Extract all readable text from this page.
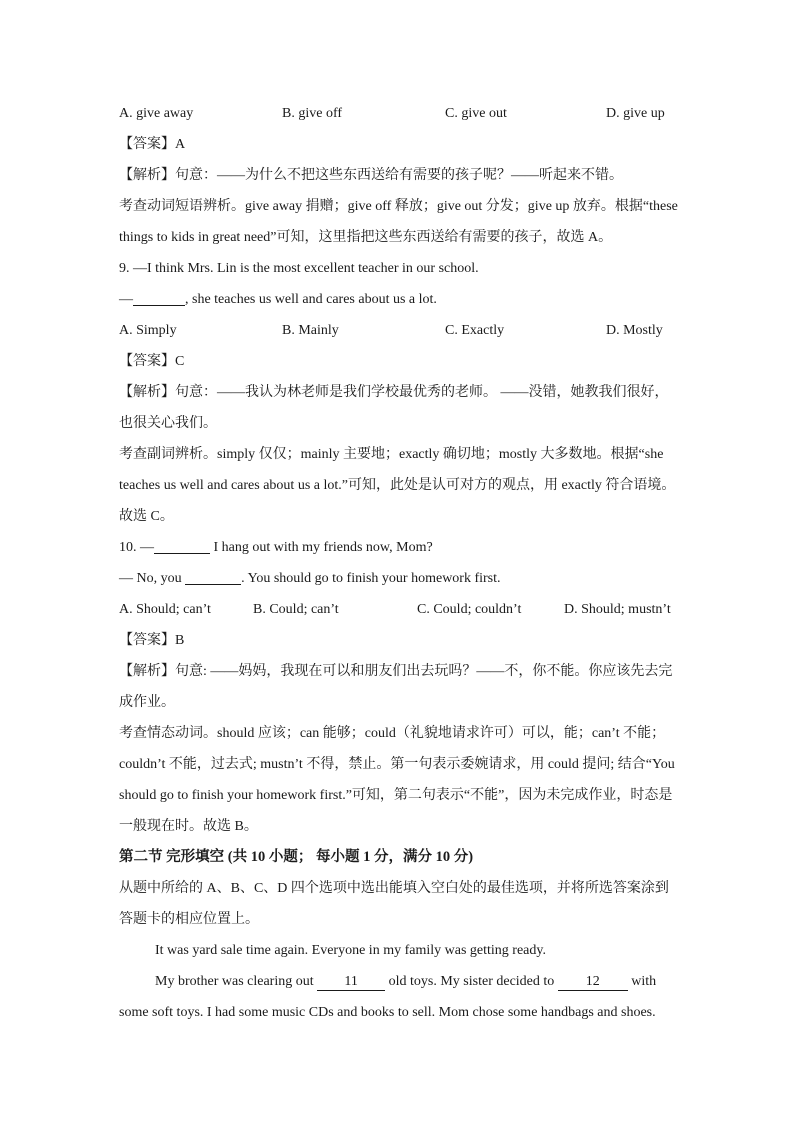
A. give away	B. give off	C. give out	D. give up
【答案】A
【解析】句意：——为什么不把这些东西送给有需要的孩子呢？——听起来不错。
考查动词短语辨析。give away 捐赠；give off 释放；give out 分发；give up 放弃。根据“these
things to kids in great need”可知，这里指把这些东西送给有需要的孩子，故选 A。
9. —I think Mrs. Lin is the most excellent teacher in our school.
—	, she teaches us well and cares about us a lot.
A. Simply	B. Mainly	C. Exactly	D. Mostly
【答案】C
【解析】句意：——我认为林老师是我们学校最优秀的老师。 ——没错，她教我们很好，
也很关心我们。
考查副词辨析。simply 仅仅；mainly 主要地；exactly 确切地；mostly 大多数地。根据“she
teaches us well and cares about us a lot.”可知，此处是认可对方的观点，用 exactly 符合语境。
故选 C。
10. —	I hang out with my friends now, Mom?
— No, you	. You should go to finish your homework first.
A. Should; can’t	B. Could; can’t	C. Could; couldn’t	D. Should; mustn’t
【答案】B
【解析】句意: ——妈妈，我现在可以和朋友们出去玩吗？——不，你不能。你应该先去完
成作业。
考查情态动词。should 应该；can 能够；could（礼貌地请求许可）可以，能；can’t 不能；
couldn’t 不能，过去式; mustn’t 不得，禁止。第一句表示委婉请求，用 could 提问; 结合“You
should go to finish your homework first.”可知，第二句表示“不能”，因为未完成作业，时态是
一般现在时。故选 B。
第二节 完形填空 (共 10 小题； 每小题 1 分，满分 10 分)
从题中所给的 A、B、C、D 四个选项中选出能填入空白处的最佳选项，并将所选答案涂到
答题卡的相应位置上。
It was yard sale time again. Everyone in my family was getting ready.
My brother was clearing out 11 old toys. My sister decided to 12 with
some soft toys. I had some music CDs and books to sell. Mom chose some handbags and shoes.
